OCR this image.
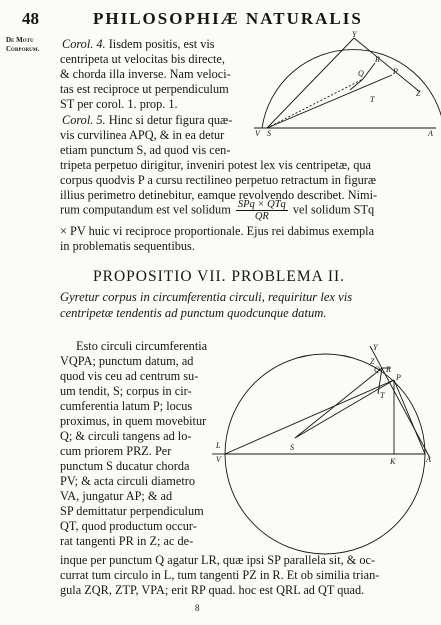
48	PHILOSOPHIÆ NATURALIS
De Motu
Corporum. Corol. 4. Iisdem positis, est vis
centripeta ut velocitas bis directe,
& chorda illa inverse. Nam veloci-
tas est reciproce ut perpendiculum
ST per corol. 1. prop. 1.
Corol. 5. Hinc si detur figura quæ-
vis curvilinea APQ, & in ea detur
etiam punctum S, ad quod vis cen-
tripeta perpetuo dirigitur, inveniri potest lex vis centripetæ, qua
corpus quodvis P a cursu rectilineo perpetuo retractum in figuræ
illius perimetro detinebitur, eamque revolvendo describet. Nimi-
rum computandum est vel solidum $\frac{\text{SPq × QTq}}{QR}$ vel solidum STq
× PV huic vi reciproce proportionale. Ejus rei dabimus exempla
in problematis sequentibus.
PROPOSITIO VII. PROBLEMA II.
Gyretur corpus in circumferentia circuli, requiritur lex vis
centripetæ tendentis ad punctum quodcunque datum.
Esto circuli circumferentia
VQPA; punctum datum, ad
quod vis ceu ad centrum su-
um tendit, S; corpus in cir-
cumferentia latum P; locus
proximus, in quem movebitur
Q; & circuli tangens ad lo-
cum priorem PRZ. Per
punctum S ducatur chorda
PV; & acta circuli diametro
VA, jungatur AP; & ad
SP demittatur perpendiculum
QT, quod productum occur-
rat tangenti PR in Z; ac de-
inque per punctum Q agatur LR, quæ ipsi SP parallela sit, & oc-
currat tum circulo in L, tum tangenti PZ in R. Et ob similia trian-
gula ZQR, ZTP, VPA; erit RP quad. hoc est QRL ad QT quad.
8
Y
R
Q	P
Z
T
V S	A
Y
Z
Q R
P
T
L
V
S
K	A
